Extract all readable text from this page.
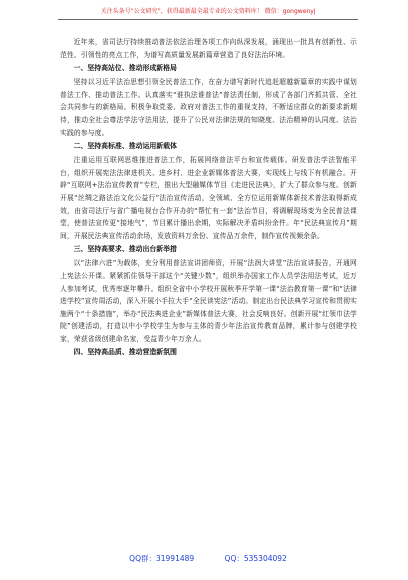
关注头条号“公文研究”，获得最新最全最专业的公文资料库！ 微信：gongwenyj

近年来，省司法厅持续推动普法依法治理各项工作向纵深发展，涌现出一批具有创新性、示范性、引领性的亮点工作，为谱写高质量发展新篇章营造了良好法治环境。

一、坚持高站位、推动形成新格局

坚持以习近平法治思想引领全民普法工作，在奋力谱写新时代追赶超越新篇章的实践中谋划普法工作、推动普法工作。认真落实“谁执法谁普法”普法责任制，形成了各部门齐抓共管、全社会共同参与的新格局。积极争取党委、政府对普法工作的重视支持，不断适应群众的新要求新期待，推动全社会尊法学法守法用法，提升了公民对法律法规的知晓度、法治精神的认同度、法治实践的参与度。

二、坚持高标准、推动运用新载体

注重运用互联网思维推进普法工作，拓展网络普法平台和宣传载体。研发普法学法智能平台，组织开展宪法法律进机关、进乡村、进企业新媒体普法大赛，实现线上与线下有机融合。开辟“互联网+法治宣传教育”专栏，推出大型融媒体节目《走进民法典》，扩大了群众参与度。创新开展“丝绸之路法治文化公益行”法治宣传活动，全领域、全方位运用新媒体新技术普法取得新成效，由省司法厅与省广播电视台合作开办的“帮忙有一套”法治节目，将调解现场变为全民普法课堂，使普法宣传更“接地气”，节目累计播出余期，实际解决矛盾纠纷余件。年“民法典宣传月”期间，开展民法典宣传活动余场，发放资料万余份、宣传品万余件，制作宣传视频余条。

三、坚持高要求、推动出台新举措

以“法律六进”为载体，充分利用普法宣讲团师资，开展“法润大讲堂”法治宣讲报告，开通网上宪法公开课。紧紧抓住领导干部这个“关键少数”，组织举办国家工作人员学法用法考试，近万人参加考试，优秀率逐年攀升。组织全省中小学校开展秋季开学第一课“法治教育第一课”和“法律进学校”宣传周活动，深入开展小手拉大手“全民读宪法”活动。制定出台民法典学习宣传和贯彻实施两个“十条措施”，举办“民法典进企业”新媒体普法大赛，社会反响良好。创新开展“红领巾法学院”创建活动，打造以中小学校学生为参与主体的青少年法治宣传教育品牌，累计参与创建学校家，荣获省级创建命名家，受益青少年万余人。

四、坚持高品质、推动营造新氛围
QQ群：31991489	QQ：535304092
